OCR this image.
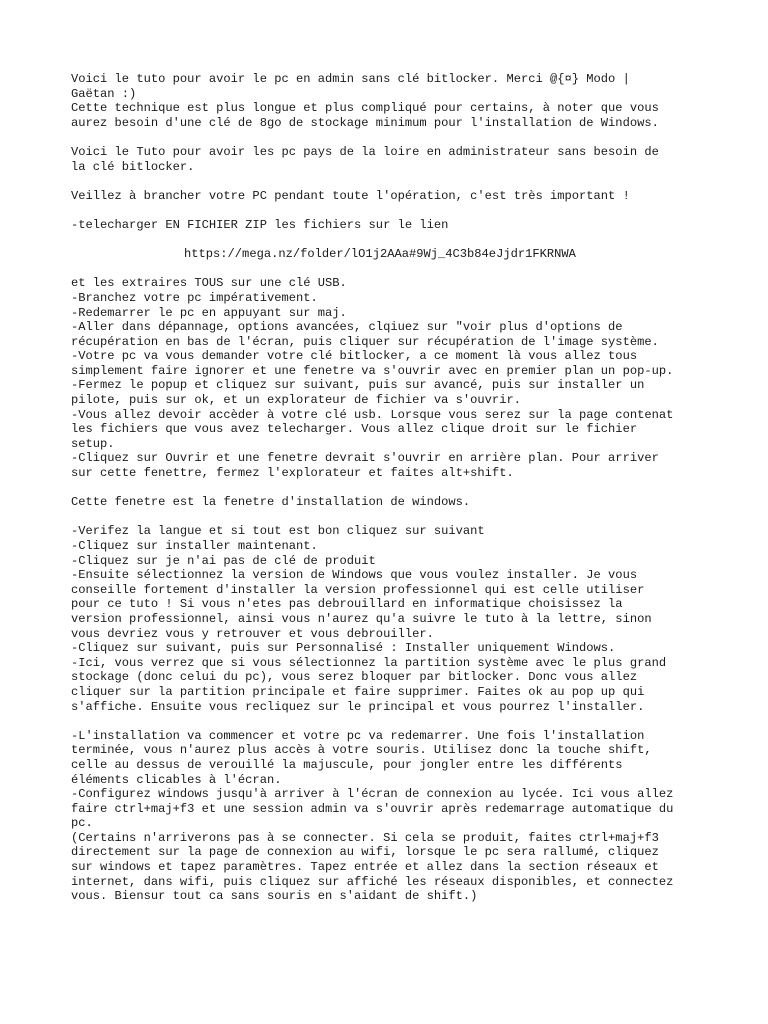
Voici le tuto pour avoir le pc en admin sans clé bitlocker. Merci @{¤} Modo |
Gaëtan :)
Cette technique est plus longue et plus compliqué pour certains, à noter que vous
aurez besoin d'une clé de 8go de stockage minimum pour l'installation de Windows.
Voici le Tuto pour avoir les pc pays de la loire en administrateur sans besoin de
la clé bitlocker.
Veillez à brancher votre PC pendant toute l'opération, c'est très important !
-telecharger EN FICHIER ZIP les fichiers sur le lien
https://mega.nz/folder/lO1j2AAa#9Wj_4C3b84eJjdr1FKRNWA
et les extraires TOUS sur une clé USB.
-Branchez votre pc impérativement.
-Redemarrer le pc en appuyant sur maj.
-Aller dans dépannage, options avancées, clqiuez sur "voir plus d'options de
récupération en bas de l'écran, puis cliquer sur récupération de l'image système.
-Votre pc va vous demander votre clé bitlocker, a ce moment là vous allez tous
simplement faire ignorer et une fenetre va s'ouvrir avec en premier plan un pop-up.
-Fermez le popup et cliquez sur suivant, puis sur avancé, puis sur installer un
pilote, puis sur ok, et un explorateur de fichier va s'ouvrir.
-Vous allez devoir accèder à votre clé usb. Lorsque vous serez sur la page contenat
les fichiers que vous avez telecharger. Vous allez clique droit sur le fichier
setup.
-Cliquez sur Ouvrir et une fenetre devrait s'ouvrir en arrière plan. Pour arriver
sur cette fenettre, fermez l'explorateur et faites alt+shift.
Cette fenetre est la fenetre d'installation de windows.
-Verifez la langue et si tout est bon cliquez sur suivant
-Cliquez sur installer maintenant.
-Cliquez sur je n'ai pas de clé de produit
-Ensuite sélectionnez la version de Windows que vous voulez installer. Je vous
conseille fortement d'installer la version professionnel qui est celle utiliser
pour ce tuto ! Si vous n'etes pas debrouillard en informatique choisissez la
version professionnel, ainsi vous n'aurez qu'a suivre le tuto à la lettre, sinon
vous devriez vous y retrouver et vous debrouiller.
-Cliquez sur suivant, puis sur Personnalisé : Installer uniquement Windows.
-Ici, vous verrez que si vous sélectionnez la partition système avec le plus grand
stockage (donc celui du pc), vous serez bloquer par bitlocker. Donc vous allez
cliquer sur la partition principale et faire supprimer. Faites ok au pop up qui
s'affiche. Ensuite vous recliquez sur le principal et vous pourrez l'installer.
-L'installation va commencer et votre pc va redemarrer. Une fois l'installation
terminée, vous n'aurez plus accès à votre souris. Utilisez donc la touche shift,
celle au dessus de verouillé la majuscule, pour jongler entre les différents
éléments clicables à l'écran.
-Configurez windows jusqu'à arriver à l'écran de connexion au lycée. Ici vous allez
faire ctrl+maj+f3 et une session admin va s'ouvrir après redemarrage automatique du
pc.
(Certains n'arriverons pas à se connecter. Si cela se produit, faites ctrl+maj+f3
directement sur la page de connexion au wifi, lorsque le pc sera rallumé, cliquez
sur windows et tapez paramètres. Tapez entrée et allez dans la section réseaux et
internet, dans wifi, puis cliquez sur affiché les réseaux disponibles, et connectez
vous. Biensur tout ca sans souris en s'aidant de shift.)
